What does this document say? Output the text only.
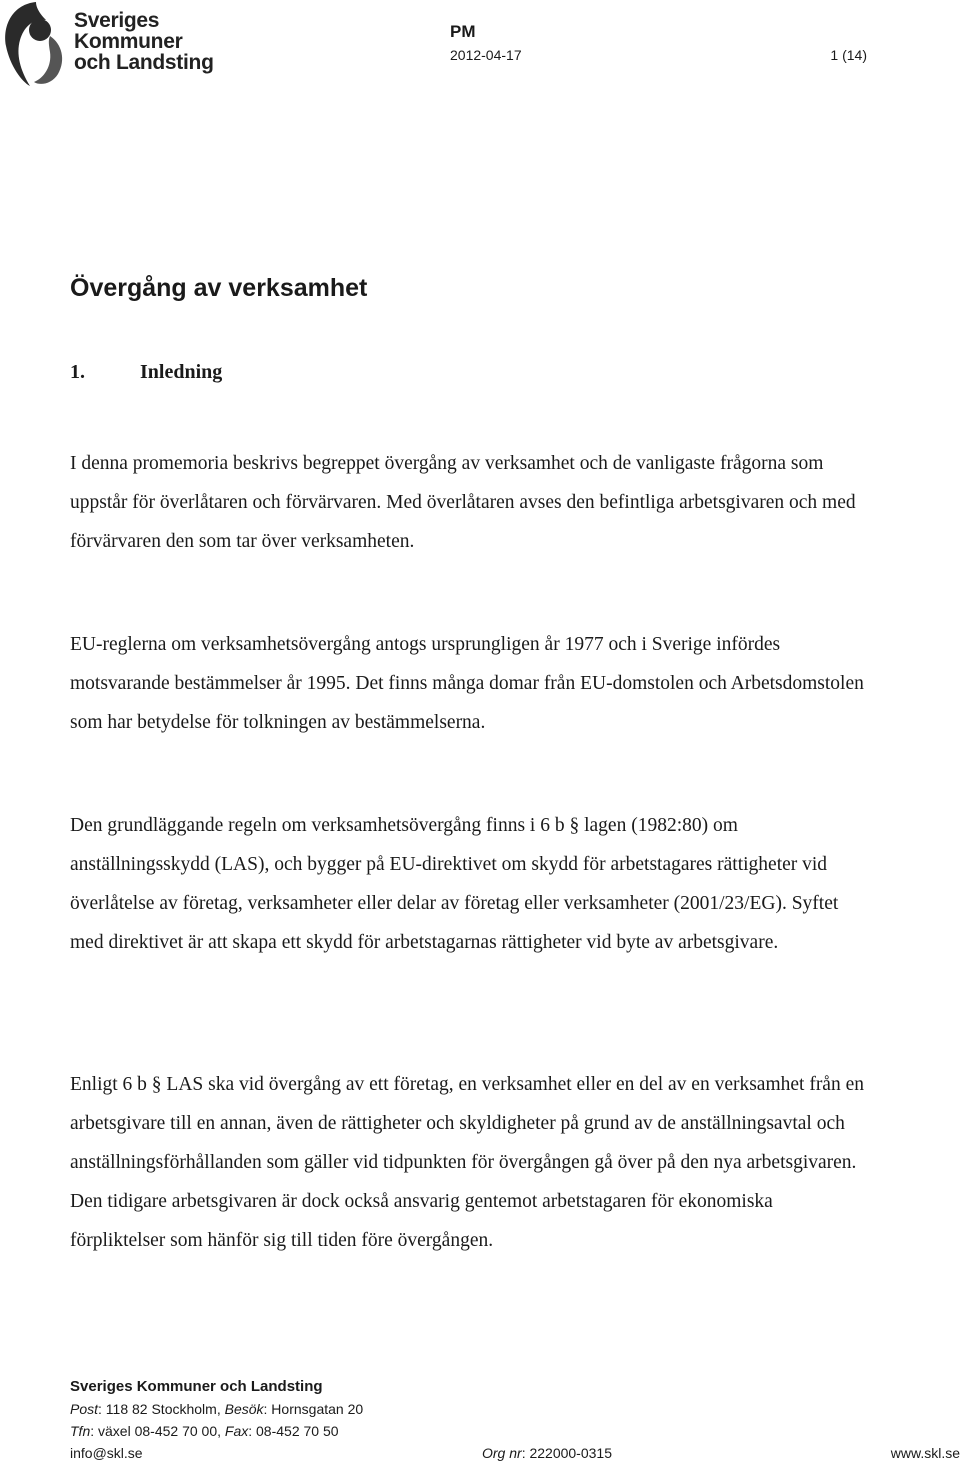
Sveriges
Kommuner
och Landsting
PM
2012-04-17	1 (14)
Övergång av verksamhet
1.	Inledning

I denna promemoria beskrivs begreppet övergång av verksamhet och de vanligaste frågorna som uppstår för överlåtaren och förvärvaren. Med överlåtaren avses den befintliga arbetsgivaren och med förvärvaren den som tar över verksamheten.

EU-reglerna om verksamhetsövergång antogs ursprungligen år 1977 och i Sverige infördes motsvarande bestämmelser år 1995. Det finns många domar från EU-domstolen och Arbetsdomstolen som har betydelse för tolkningen av bestämmelserna.

Den grundläggande regeln om verksamhetsövergång finns i 6 b § lagen (1982:80) om anställningsskydd (LAS), och bygger på EU-direktivet om skydd för arbetstagares rättigheter vid överlåtelse av företag, verksamheter eller delar av företag eller verksamheter (2001/23/EG). Syftet med direktivet är att skapa ett skydd för arbetstagarnas rättigheter vid byte av arbetsgivare.

Enligt 6 b § LAS ska vid övergång av ett företag, en verksamhet eller en del av en verksamhet från en arbetsgivare till en annan, även de rättigheter och skyldigheter på grund av de anställningsavtal och anställningsförhållanden som gäller vid tidpunkten för övergången gå över på den nya arbetsgivaren. Den tidigare arbetsgivaren är dock också ansvarig gentemot arbetstagaren för ekonomiska förpliktelser som hänför sig till tiden före övergången.

Sveriges Kommuner och Landsting
Post: 118 82 Stockholm, Besök: Hornsgatan 20
Tfn: växel 08-452 70 00, Fax: 08-452 70 50
info@skl.se	Org nr: 222000-0315	www.skl.se
